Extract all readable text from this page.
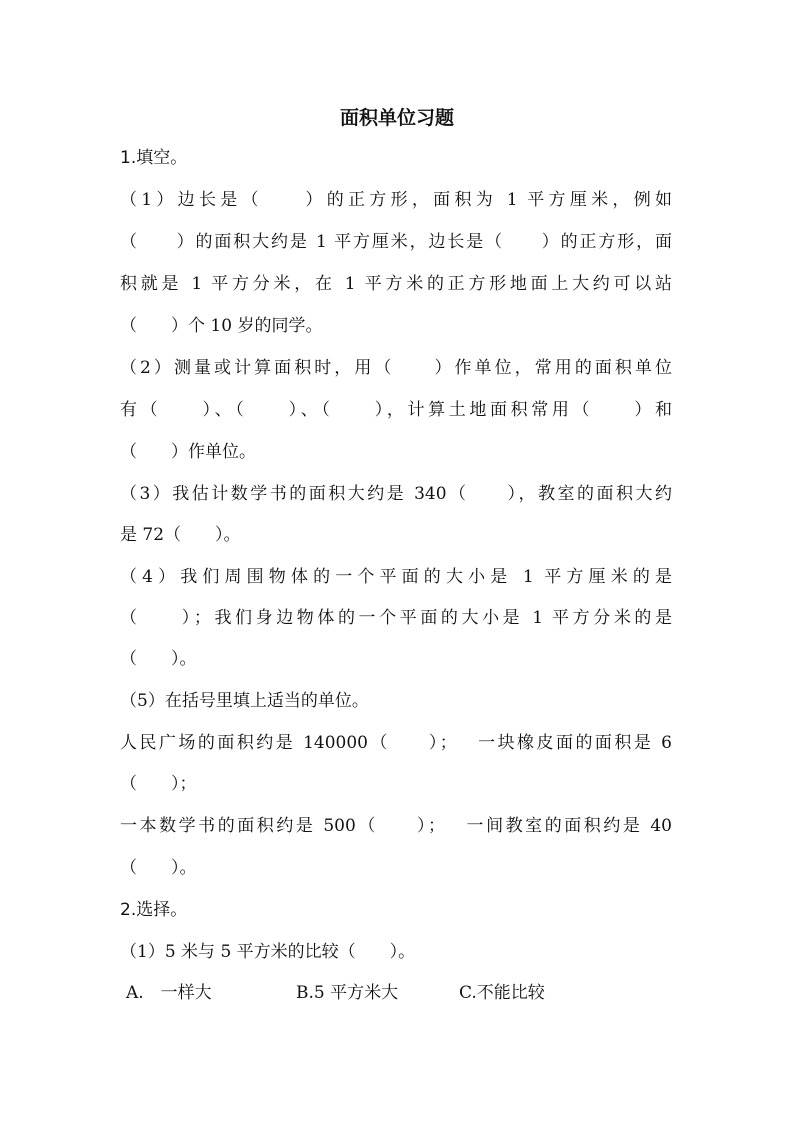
面积单位习题
1.填空。
（1）边长是（　　）的正方形，面积为 1 平方厘米，例如
（　　）的面积大约是 1 平方厘米，边长是（　　）的正方形，面
积就是 1 平方分米，在 1 平方米的正方形地面上大约可以站
（　　）个 10 岁的同学。
（2）测量或计算面积时，用（　　）作单位，常用的面积单位
有（　　）、（　　）、（　　），计算土地面积常用（　　）和
（　　）作单位。
（3）我估计数学书的面积大约是 340（　　），教室的面积大约
是 72（　　）。
（4）我们周围物体的一个平面的大小是 1 平方厘米的是
（　　）；我们身边物体的一个平面的大小是 1 平方分米的是
（　　）。
（5）在括号里填上适当的单位。
人民广场的面积约是 140000（　　）；　 一块橡皮面的面积是 6
（　　）；
一本数学书的面积约是 500（　　）；　 一间教室的面积约是 40
（　　）。
2.选择。
（1）5 米与 5 平方米的比较（　　）。
A.　一样大	B.5 平方米大	C.不能比较
